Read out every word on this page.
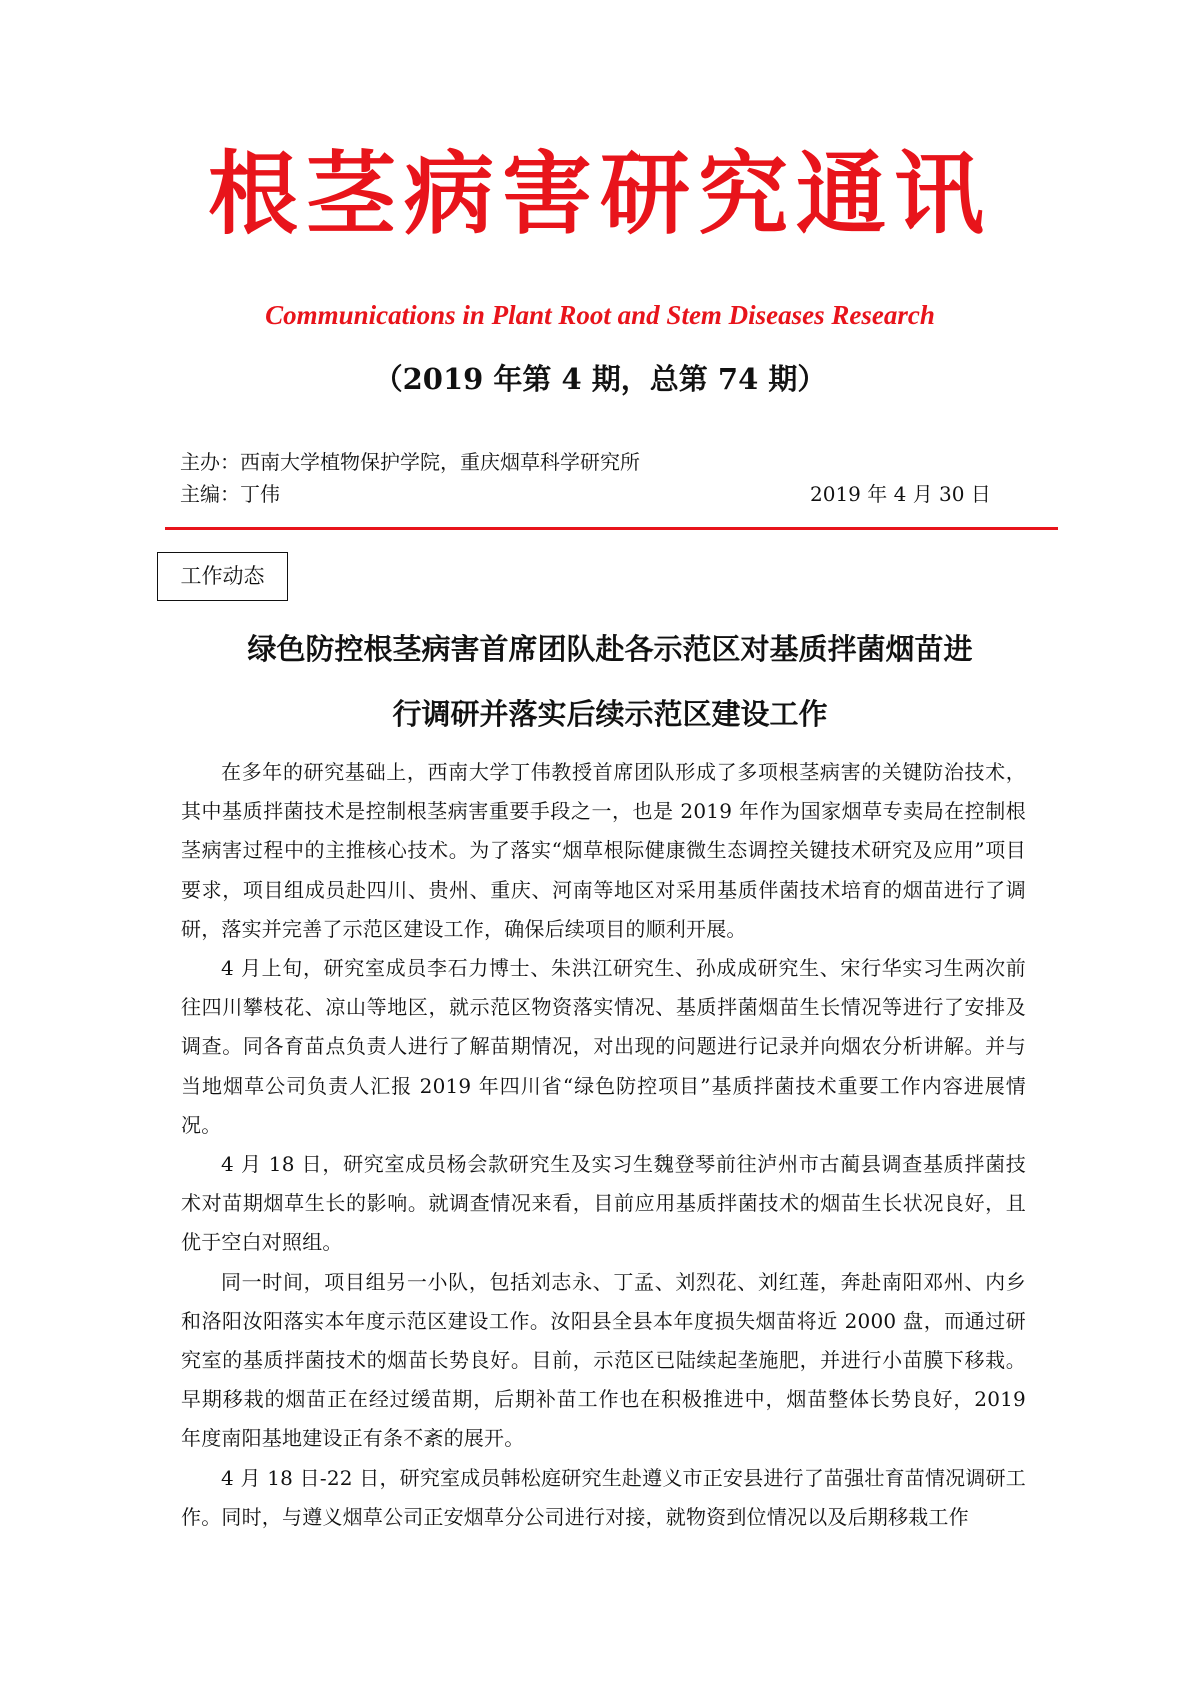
根茎病害研究通讯
Communications in Plant Root and Stem Diseases Research
（2019 年第 4 期，总第 74 期）
主办：西南大学植物保护学院，重庆烟草科学研究所
主编：丁伟	2019 年 4 月 30 日
工作动态
绿色防控根茎病害首席团队赴各示范区对基质拌菌烟苗进
行调研并落实后续示范区建设工作

在多年的研究基础上，西南大学丁伟教授首席团队形成了多项根茎病害的关键防治技术，其中基质拌菌技术是控制根茎病害重要手段之一，也是 2019 年作为国家烟草专卖局在控制根茎病害过程中的主推核心技术。为了落实“烟草根际健康微生态调控关键技术研究及应用”项目要求，项目组成员赴四川、贵州、重庆、河南等地区对采用基质伴菌技术培育的烟苗进行了调研，落实并完善了示范区建设工作，确保后续项目的顺利开展。

4 月上旬，研究室成员李石力博士、朱洪江研究生、孙成成研究生、宋行华实习生两次前往四川攀枝花、凉山等地区，就示范区物资落实情况、基质拌菌烟苗生长情况等进行了安排及调查。同各育苗点负责人进行了解苗期情况，对出现的问题进行记录并向烟农分析讲解。并与当地烟草公司负责人汇报 2019 年四川省“绿色防控项目”基质拌菌技术重要工作内容进展情况。

4 月 18 日，研究室成员杨会款研究生及实习生魏登琴前往泸州市古蔺县调查基质拌菌技术对苗期烟草生长的影响。就调查情况来看，目前应用基质拌菌技术的烟苗生长状况良好，且优于空白对照组。

同一时间，项目组另一小队，包括刘志永、丁孟、刘烈花、刘红莲，奔赴南阳邓州、内乡和洛阳汝阳落实本年度示范区建设工作。汝阳县全县本年度损失烟苗将近 2000 盘，而通过研究室的基质拌菌技术的烟苗长势良好。目前，示范区已陆续起垄施肥，并进行小苗膜下移栽。早期移栽的烟苗正在经过缓苗期，后期补苗工作也在积极推进中，烟苗整体长势良好，2019 年度南阳基地建设正有条不紊的展开。

4 月 18 日-22 日，研究室成员韩松庭研究生赴遵义市正安县进行了苗强壮育苗情况调研工作。同时，与遵义烟草公司正安烟草分公司进行对接，就物资到位情况以及后期移栽工作
